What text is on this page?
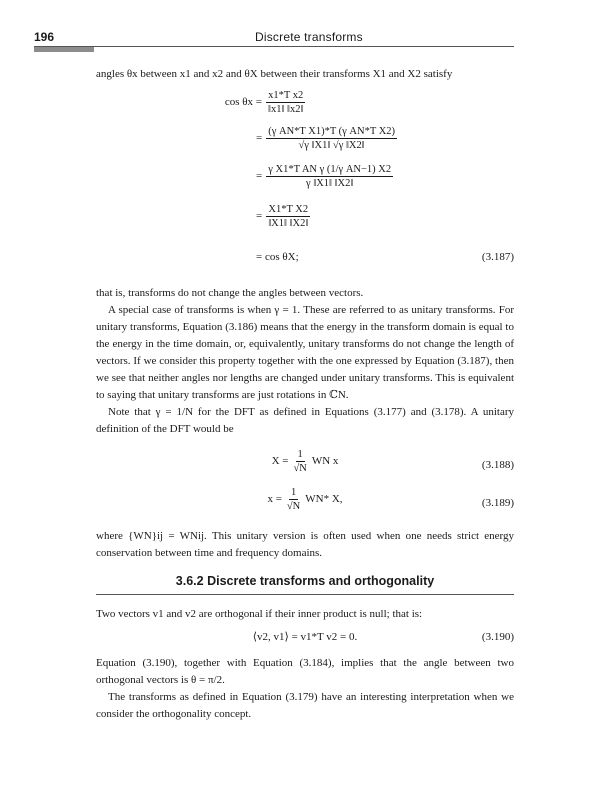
196	Discrete transforms

angles θx between x1 and x2 and θX between their transforms X1 and X2 satisfy

$\cos \theta x = \frac{\text{x1*T x2}}{‖x1‖ ‖x2‖}$
= $\frac{\text{(γ AN*T X1)*T (γ AN*T X2)}}{√\gamma ‖X1‖ √\gamma ‖X2‖}$
= $\frac{\text{γ X1*T AN γ (1/γ AN−1) X2}}{\gamma ‖X1‖ ‖X2‖}$
= $\frac{\text{X1*T X2}}{‖X1‖ ‖X2‖}$
= cos θX;	(3.187)

that is, transforms do not change the angles between vectors.

A special case of transforms is when γ = 1. These are referred to as unitary transforms. For unitary transforms, Equation (3.186) means that the energy in the transform domain is equal to the energy in the time domain, or, equivalently, unitary transforms do not change the length of vectors. If we consider this property together with the one expressed by Equation (3.187), then we see that neither angles nor lengths are changed under unitary transforms. This is equivalent to saying that unitary transforms are just rotations in ℂN.

Note that γ = 1/N for the DFT as defined in Equations (3.177) and (3.178). A unitary definition of the DFT would be

$X = \frac{1}{√N}$ WN x	(3.188)
$x = \frac{1}{√N} WN*$ X,	(3.189)

where {WN}ij = WNij. This unitary version is often used when one needs strict energy conservation between time and frequency domains.

3.6.2 Discrete transforms and orthogonality

Two vectors v1 and v2 are orthogonal if their inner product is null; that is:

⟨v2, v1⟩ = v1*T v2 = 0.	(3.190)

Equation (3.190), together with Equation (3.184), implies that the angle between two orthogonal vectors is θ = π/2.

The transforms as defined in Equation (3.179) have an interesting interpretation when we consider the orthogonality concept.
